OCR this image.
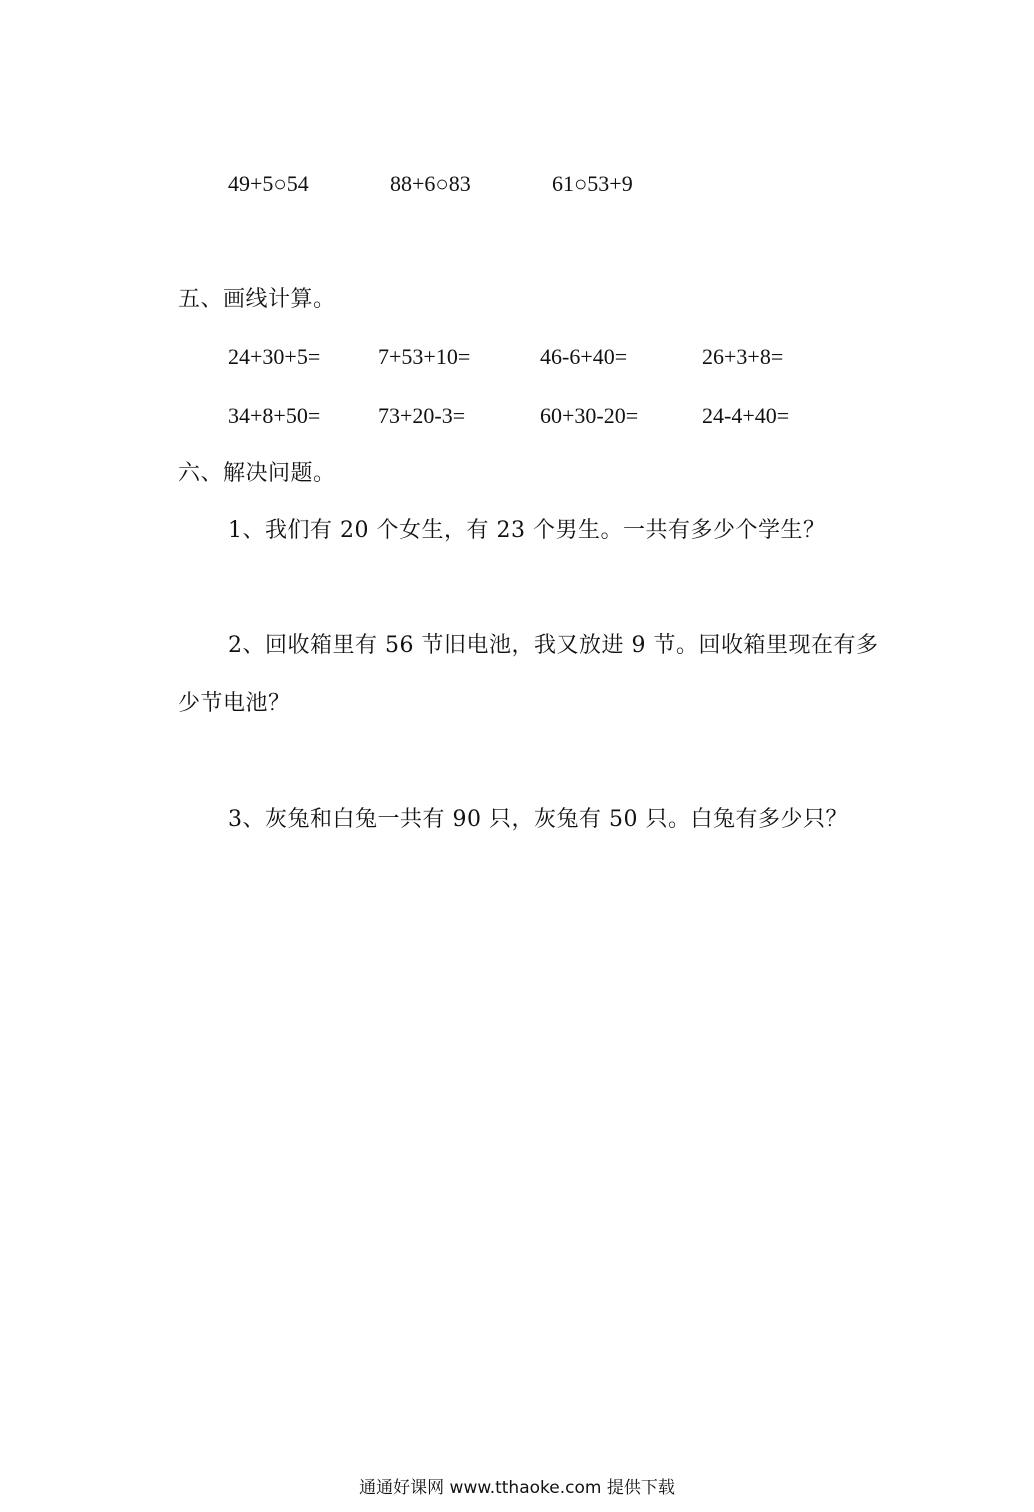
49+5○54	88+6○83	61○53+9
五、画线计算。
24+30+5=	7+53+10=	46-6+40=	26+3+8=
34+8+50=	73+20-3=	60+30-20=	24-4+40=
六、解决问题。
1、我们有 20 个女生，有 23 个男生。一共有多少个学生？
2、回收箱里有 56 节旧电池，我又放进 9 节。回收箱里现在有多
少节电池？
3、灰兔和白兔一共有 90 只，灰兔有 50 只。白兔有多少只？
通通好课网 www.tthaoke.com 提供下载
